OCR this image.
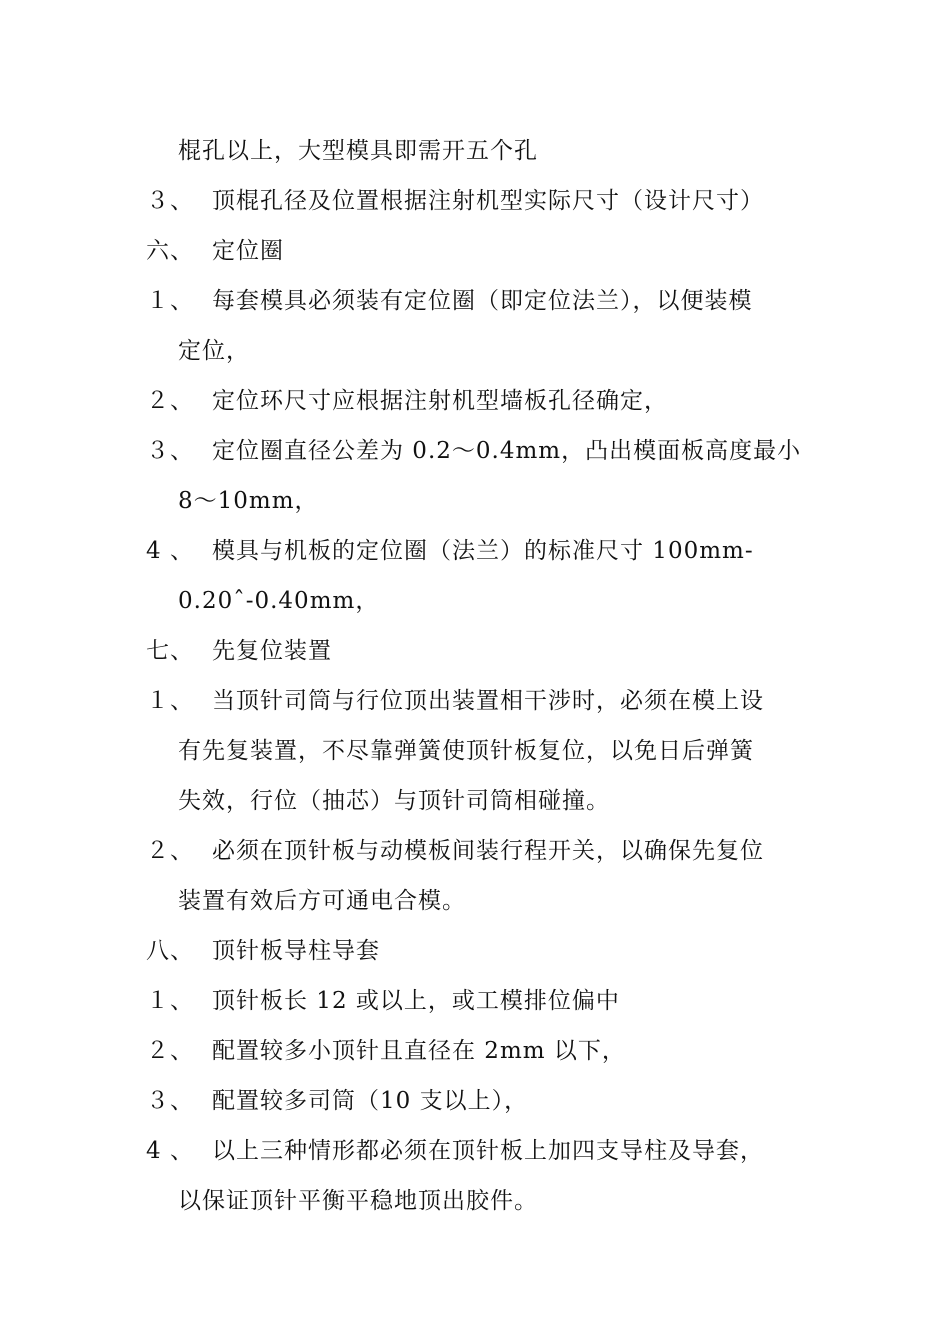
棍孔以上，大型模具即需开五个孔
３、 顶棍孔径及位置根据注射机型实际尺寸（设计尺寸）
六、 定位圈
１、 每套模具必须装有定位圈（即定位法兰），以便装模
定位，
２、 定位环尺寸应根据注射机型墙板孔径确定，
３、 定位圈直径公差为 0.2～0.4mm，凸出模面板高度最小
8～10mm，
4 、 模具与机板的定位圈（法兰）的标准尺寸 100mm-
0.20ˆ-0.40mm，
七、 先复位装置
１、 当顶针司筒与行位顶出装置相干涉时，必须在模上设
有先复装置，不尽靠弹簧使顶针板复位，以免日后弹簧
失效，行位（抽芯）与顶针司筒相碰撞。
２、 必须在顶针板与动模板间装行程开关，以确保先复位
装置有效后方可通电合模。
八、 顶针板导柱导套
１、 顶针板长 12 或以上，或工模排位偏中
２、 配置较多小顶针且直径在 2mm 以下，
３、 配置较多司筒（10 支以上），
4 、 以上三种情形都必须在顶针板上加四支导柱及导套，
以保证顶针平衡平稳地顶出胶件。
